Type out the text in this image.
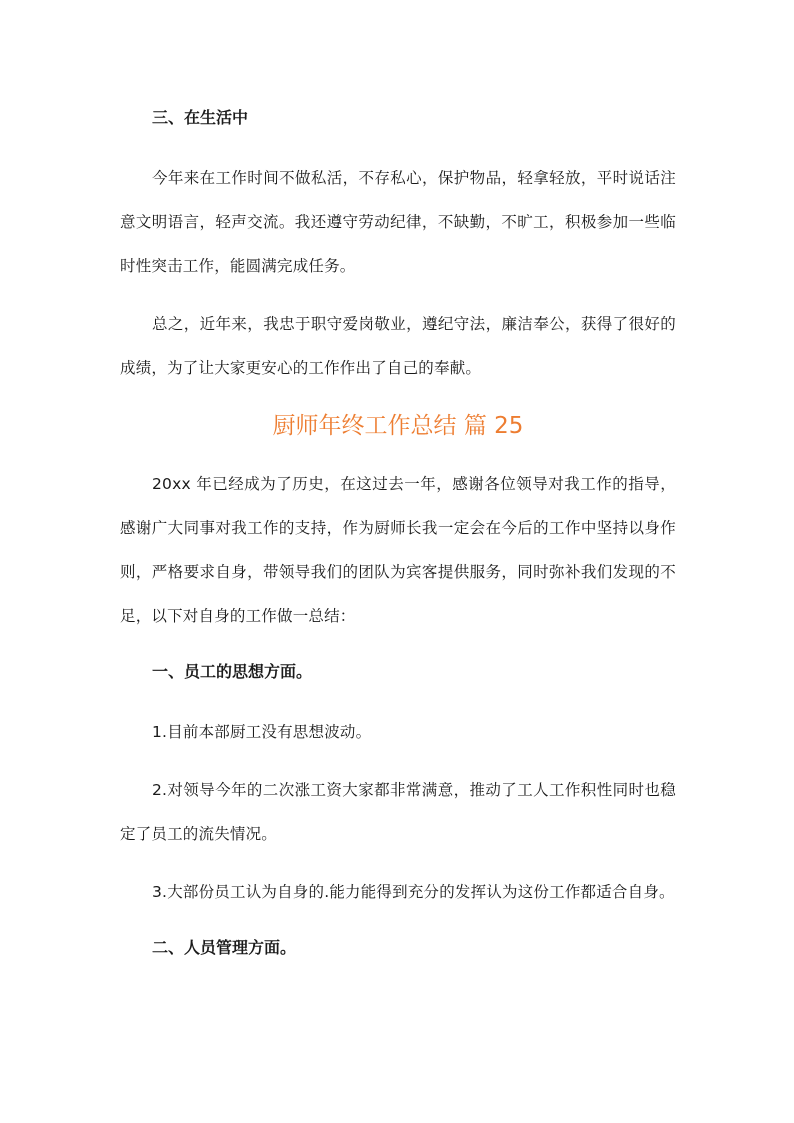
三、在生活中

今年来在工作时间不做私活，不存私心，保护物品，轻拿轻放，平时说话注意文明语言，轻声交流。我还遵守劳动纪律，不缺勤，不旷工，积极参加一些临时性突击工作，能圆满完成任务。

总之，近年来，我忠于职守爱岗敬业，遵纪守法，廉洁奉公，获得了很好的成绩，为了让大家更安心的工作作出了自己的奉献。

厨师年终工作总结 篇 25

20xx 年已经成为了历史，在这过去一年，感谢各位领导对我工作的指导，感谢广大同事对我工作的支持，作为厨师长我一定会在今后的工作中坚持以身作则，严格要求自身，带领导我们的团队为宾客提供服务，同时弥补我们发现的不足，以下对自身的工作做一总结：

一、员工的思想方面。

1.目前本部厨工没有思想波动。

2.对领导今年的二次涨工资大家都非常满意，推动了工人工作积性同时也稳定了员工的流失情况。

3.大部份员工认为自身的.能力能得到充分的发挥认为这份工作都适合自身。

二、人员管理方面。
